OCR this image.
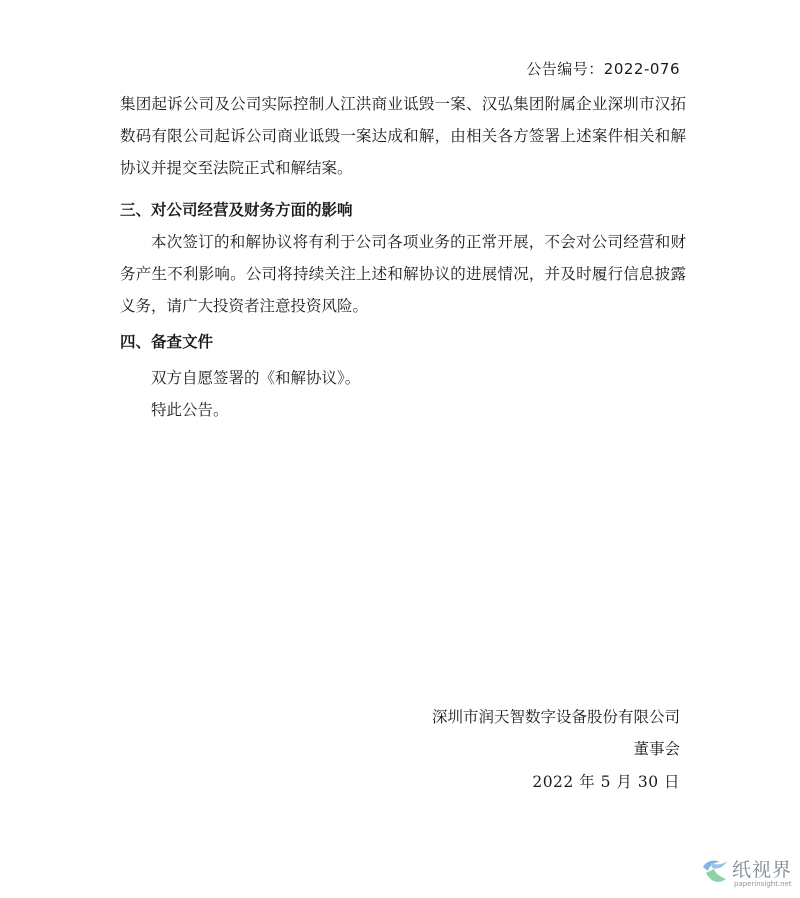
公告编号：2022-076

集团起诉公司及公司实际控制人江洪商业诋毁一案、汉弘集团附属企业深圳市汉拓数码有限公司起诉公司商业诋毁一案达成和解，由相关各方签署上述案件相关和解协议并提交至法院正式和解结案。

三、对公司经营及财务方面的影响

本次签订的和解协议将有利于公司各项业务的正常开展，不会对公司经营和财务产生不利影响。公司将持续关注上述和解协议的进展情况，并及时履行信息披露义务，请广大投资者注意投资风险。

四、备查文件
双方自愿签署的《和解协议》。
特此公告。
深圳市润天智数字设备股份有限公司
董事会
2022 年 5 月 30 日
纸视界
paperinsight.net
